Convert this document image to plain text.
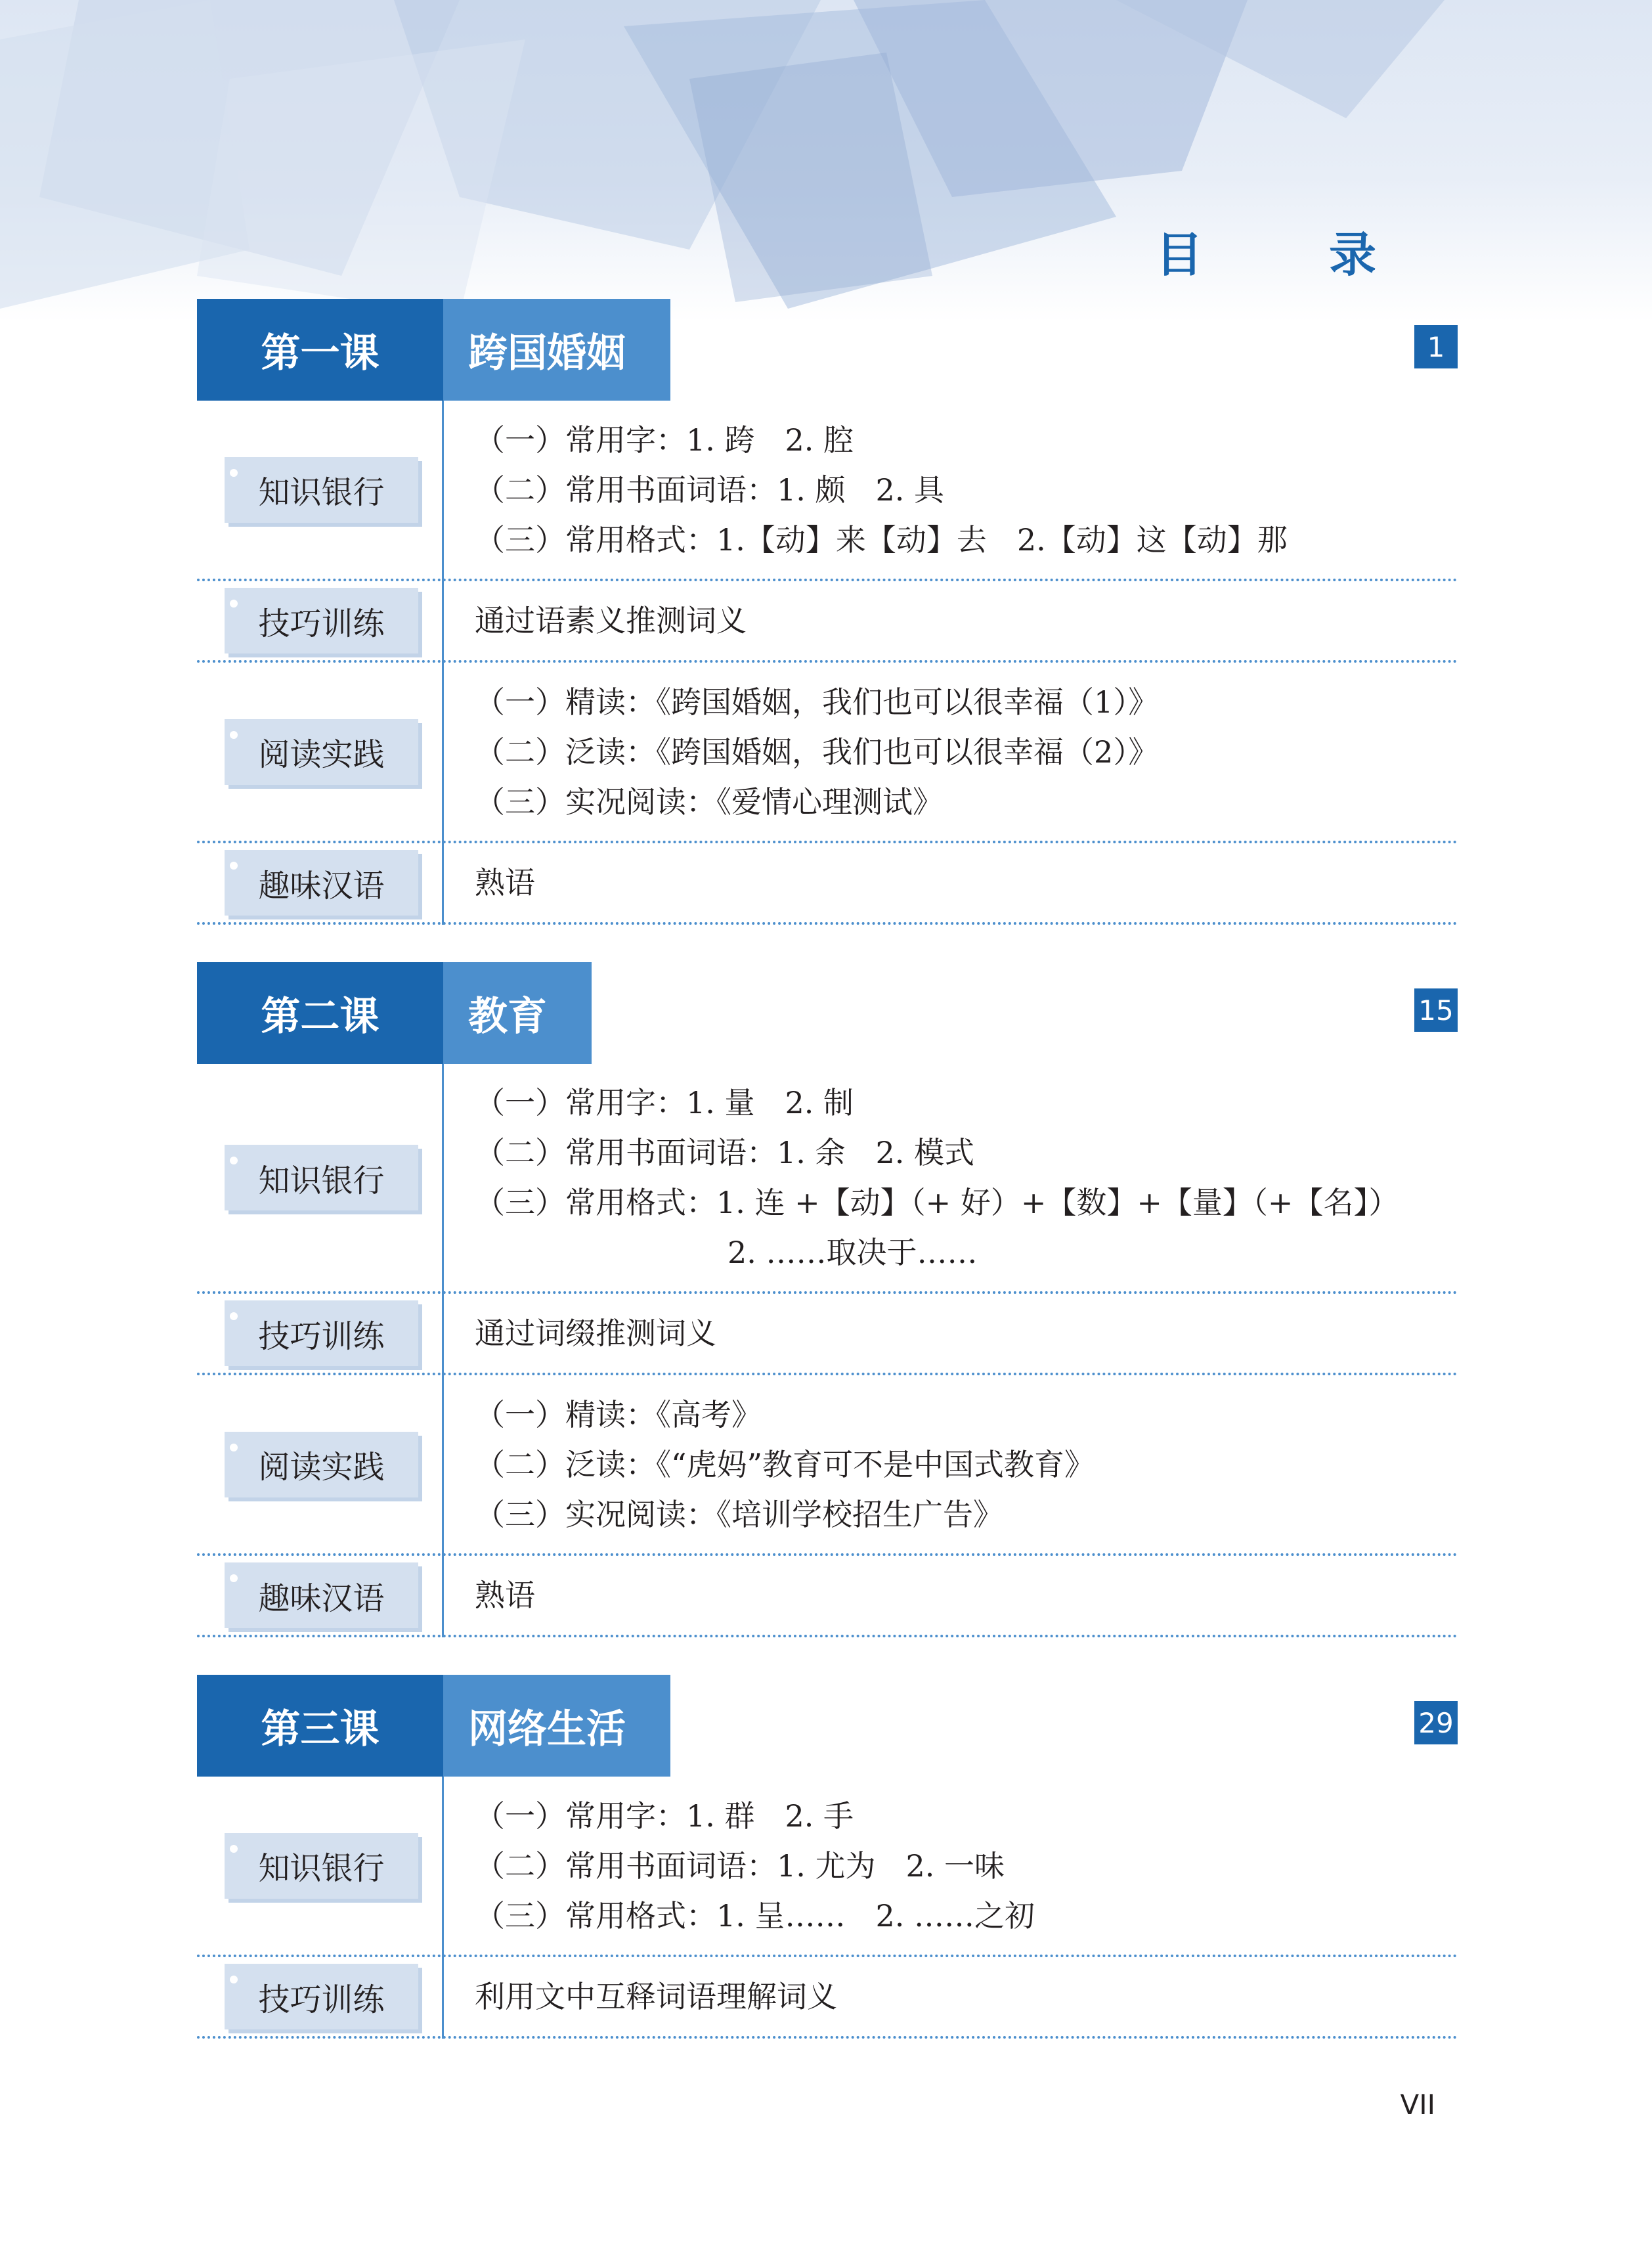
目　录
第一课	跨国婚姻	1
知识银行
（一）常用字：1. 跨　2. 腔
（二）常用书面词语：1. 颇　2. 具
（三）常用格式：1.【动】来【动】去　2.【动】这【动】那
技巧训练	通过语素义推测词义
阅读实践
（一）精读：《跨国婚姻，我们也可以很幸福（1）》
（二）泛读：《跨国婚姻，我们也可以很幸福（2）》
（三）实况阅读：《爱情心理测试》
趣味汉语	熟语
第二课	教育	15
知识银行
（一）常用字：1. 量　2. 制
（二）常用书面词语：1. 余　2. 模式
（三）常用格式：1. 连 +【动】（+ 好）+【数】+【量】（+【名】）
2. ……取决于……
技巧训练	通过词缀推测词义
阅读实践
（一）精读：《高考》
（二）泛读：《“虎妈”教育可不是中国式教育》
（三）实况阅读：《培训学校招生广告》
趣味汉语	熟语
第三课	网络生活	29
知识银行
（一）常用字：1. 群　2. 手
（二）常用书面词语：1. 尤为　2. 一味
（三）常用格式：1. 呈……　2. ……之初
技巧训练	利用文中互释词语理解词义
VII
